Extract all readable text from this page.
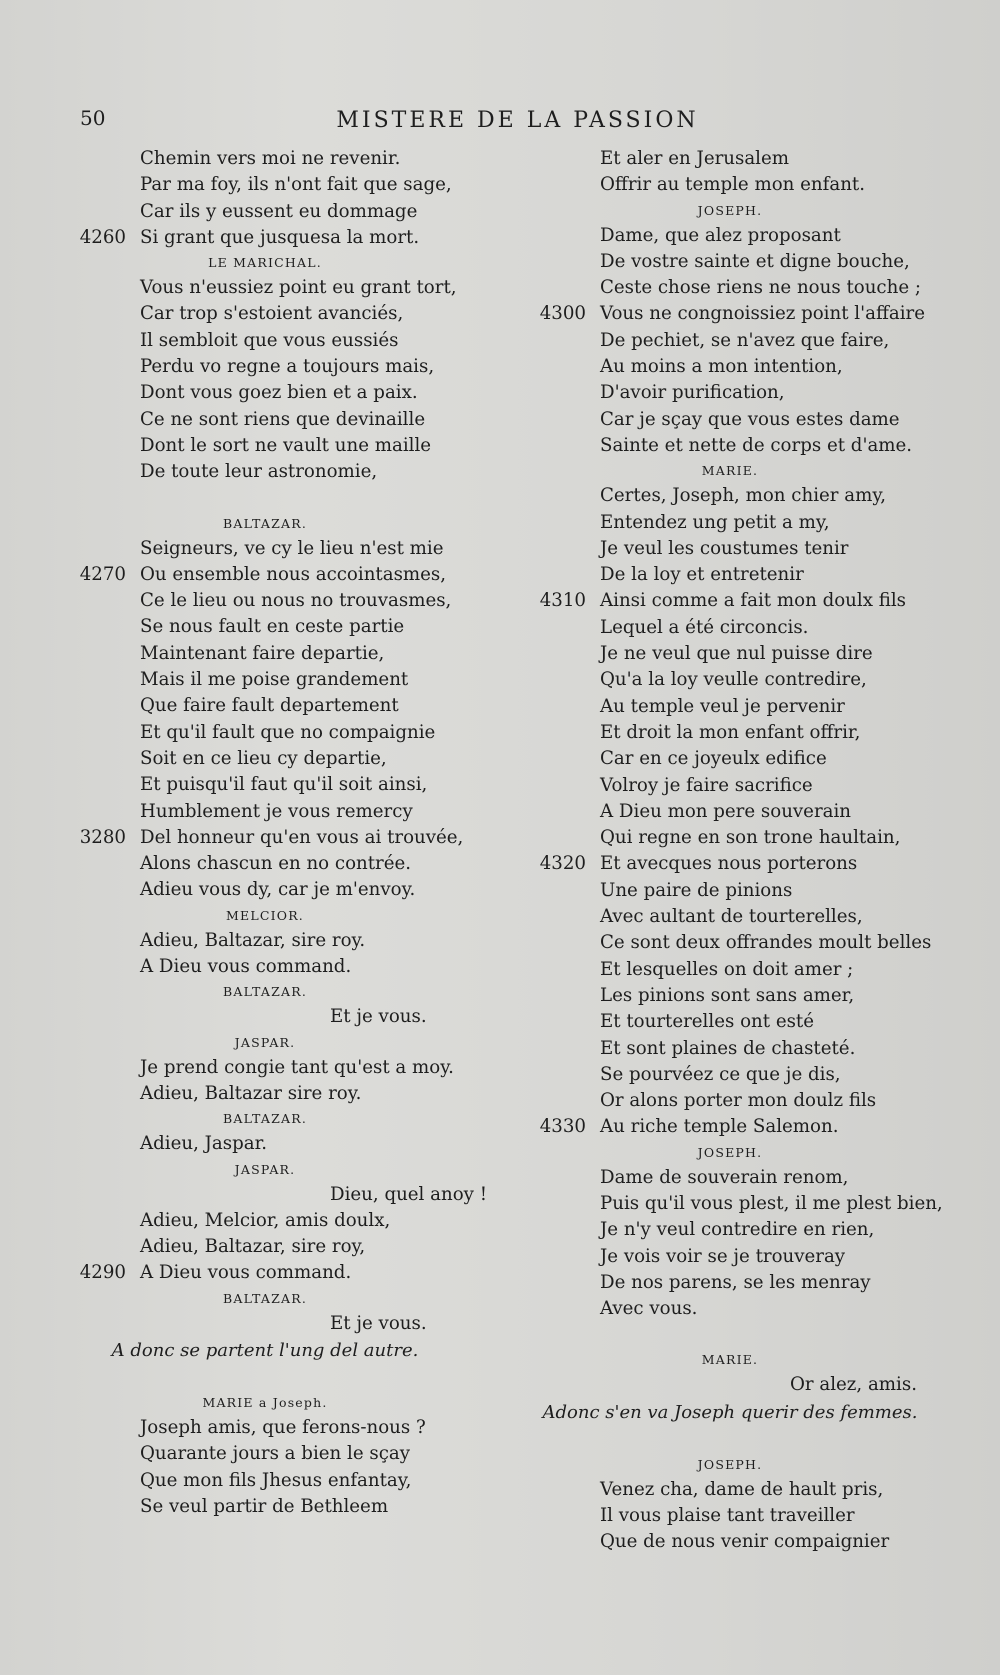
50	MISTERE DE LA PASSION
Chemin vers moi ne revenir.
Par ma foy, ils n'ont fait que sage,
Car ils y eussent eu dommage
4260 Si grant que jusquesa la mort.
LE MARICHAL.
Vous n'eussiez point eu grant tort,
Car trop s'estoient avanciés,
Il sembloit que vous eussiés
Perdu vo regne a toujours mais,
Dont vous goez bien et a paix.
Ce ne sont riens que devinaille
Dont le sort ne vault une maille
De toute leur astronomie,
BALTAZAR.
Seigneurs, ve cy le lieu n'est mie
4270 Ou ensemble nous accointasmes,
Ce le lieu ou nous no trouvasmes,
Se nous fault en ceste partie
Maintenant faire departie,
Mais il me poise grandement
Que faire fault departement
Et qu'il fault que no compaignie
Soit en ce lieu cy departie,
Et puisqu'il faut qu'il soit ainsi,
Humblement je vous remercy
3280 Del honneur qu'en vous ai trouvée,
Alons chascun en no contrée.
Adieu vous dy, car je m'envoy.
MELCIOR.
Adieu, Baltazar, sire roy.
A Dieu vous command.
BALTAZAR.
Et je vous.
JASPAR.
Je prend congie tant qu'est a moy.
Adieu, Baltazar sire roy.
BALTAZAR.
Adieu, Jaspar.
JASPAR.
Dieu, quel anoy !
Adieu, Melcior, amis doulx,
Adieu, Baltazar, sire roy,
4290 A Dieu vous command.
BALTAZAR.
Et je vous.
A donc se partent l'ung del autre.
MARIE a Joseph.
Joseph amis, que ferons-nous ?
Quarante jours a bien le sçay
Que mon fils Jhesus enfantay,
Se veul partir de Bethleem
Et aler en Jerusalem
Offrir au temple mon enfant.
JOSEPH.
Dame, que alez proposant
De vostre sainte et digne bouche,
Ceste chose riens ne nous touche ;
4300 Vous ne congnoissiez point l'affaire
De pechiet, se n'avez que faire,
Au moins a mon intention,
D'avoir purification,
Car je sçay que vous estes dame
Sainte et nette de corps et d'ame.
MARIE.
Certes, Joseph, mon chier amy,
Entendez ung petit a my,
Je veul les coustumes tenir
De la loy et entretenir
4310 Ainsi comme a fait mon doulx fils
Lequel a été circoncis.
Je ne veul que nul puisse dire
Qu'a la loy veulle contredire,
Au temple veul je pervenir
Et droit la mon enfant offrir,
Car en ce joyeulx edifice
Volroy je faire sacrifice
A Dieu mon pere souverain
Qui regne en son trone haultain,
4320 Et avecques nous porterons
Une paire de pinions
Avec aultant de tourterelles,
Ce sont deux offrandes moult belles
Et lesquelles on doit amer ;
Les pinions sont sans amer,
Et tourterelles ont esté
Et sont plaines de chasteté.
Se pourvéez ce que je dis,
Or alons porter mon doulz fils
4330 Au riche temple Salemon.
JOSEPH.
Dame de souverain renom,
Puis qu'il vous plest, il me plest bien,
Je n'y veul contredire en rien,
Je vois voir se je trouveray
De nos parens, se les menray
Avec vous.
MARIE.
Or alez, amis.
Adonc s'en va Joseph querir des femmes.
JOSEPH.
Venez cha, dame de hault pris,
Il vous plaise tant traveiller
Que de nous venir compaignier
